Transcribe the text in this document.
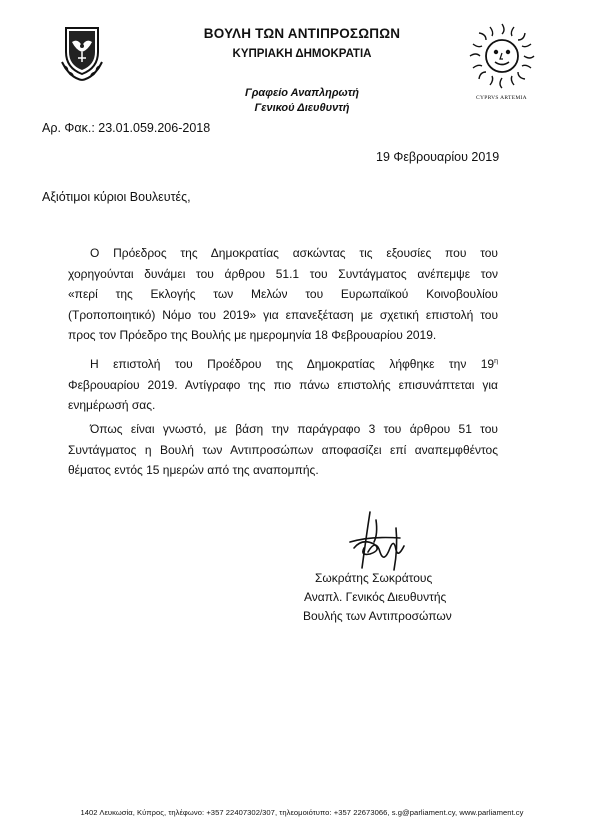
CYPRVS ARTEMIA
ΒΟΥΛΗ ΤΩΝ ΑΝΤΙΠΡΟΣΩΠΩΝ
ΚΥΠΡΙΑΚΗ ΔΗΜΟΚΡΑΤΙΑ
Γραφείο Αναπληρωτή
Γενικού Διευθυντή
Αρ. Φακ.: 23.01.059.206-2018
19 Φεβρουαρίου 2019
Αξιότιμοι κύριοι Βουλευτές,
Ο Πρόεδρος της Δημοκρατίας ασκώντας τις εξουσίες που του
χορηγούνται δυνάμει του άρθρου 51.1 του Συντάγματος ανέπεμψε τον
«περί της Εκλογής των Μελών του Ευρωπαϊκού Κοινοβουλίου
(Τροποποιητικό) Νόμο του 2019» για επανεξέταση με σχετική επιστολή του
προς τον Πρόεδρο της Βουλής με ημερομηνία 18 Φεβρουαρίου 2019.
Η επιστολή του Προέδρου της Δημοκρατίας λήφθηκε την $19^\eta$
Φεβρουαρίου 2019. Αντίγραφο της πιο πάνω επιστολής επισυνάπτεται για
ενημέρωσή σας.
Όπως είναι γνωστό, με βάση την παράγραφο 3 του άρθρου 51 του
Συντάγματος η Βουλή των Αντιπροσώπων αποφασίζει επί αναπεμφθέντος
θέματος εντός 15 ημερών από της αναπομπής.
Σωκράτης Σωκράτους
Αναπλ. Γενικός Διευθυντής
Βουλής των Αντιπροσώπων
1402 Λευκωσία, Κύπρος, τηλέφωνο: +357 22407302/307, τηλεομοιότυπο: +357 22673066, s.g@parliament.cy, www.parliament.cy
